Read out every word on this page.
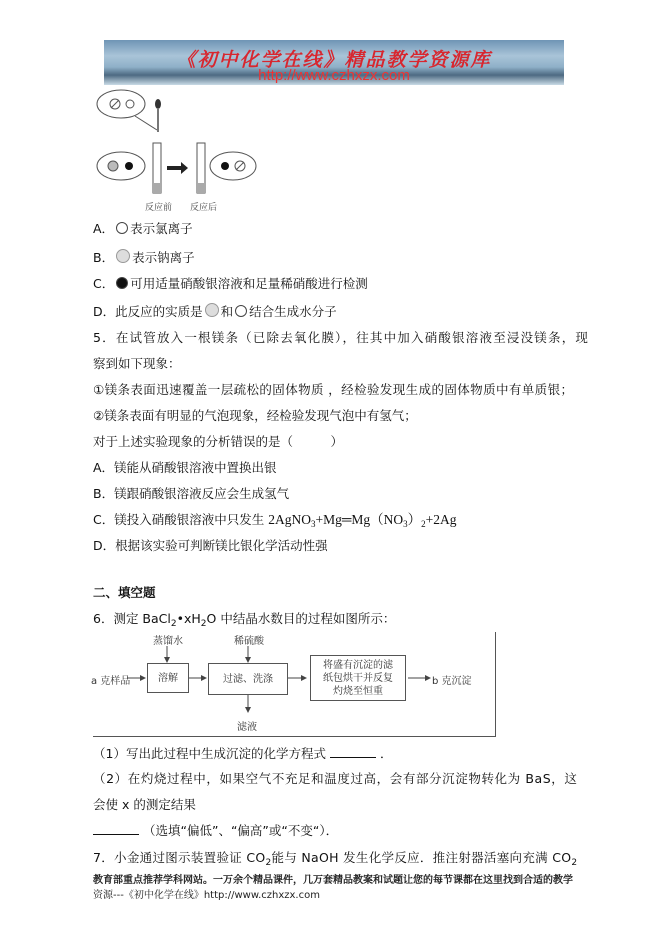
《初中化学在线》精品教学资源库
http://www.czhxzx.com
反应前 反应后
A． 表示氯离子
B． 表示钠离子
C． 可用适量硝酸银溶液和足量稀硝酸进行检测
D．此反应的实质是 和 结合生成水分子
5．在试管放入一根镁条（已除去氧化膜），往其中加入硝酸银溶液至浸没镁条，现
察到如下现象：
①镁条表面迅速覆盖一层疏松的固体物质 ，经检验发现生成的固体物质中有单质银；
②镁条表面有明显的气泡现象，经检验发现气泡中有氢气；
对于上述实验现象的分析错误的是（　　　）
A．镁能从硝酸银溶液中置换出银
B．镁跟硝酸银溶液反应会生成氢气
C．镁投入硝酸银溶液中只发生 $2AgNO_3+Mg═Mg(NO_3)_2+2Ag$
D．根据该实验可判断镁比银化学活动性强
二、填空题
6．测定 $BaCl_2•xH_2O$ 中结晶水数目的过程如图所示：
a 克样品
蒸馏水
溶解
稀硫酸
过滤、洗涤
滤液
将盛有沉淀的滤纸包烘干并反复灼烧至恒重
b 克沉淀
（1）写出此过程中生成沉淀的化学方程式	．
（2）在灼烧过程中，如果空气不充足和温度过高，会有部分沉淀物转化为 BaS，这
会使 x 的测定结果
（选填“偏低”、“偏高”或“不变“）．
7．小金通过图示装置验证 $CO_2$能与 NaOH 发生化学反应．推注射器活塞向充满 $CO_2$
教育部重点推荐学科网站。一万余个精品课件，几万套精品教案和试题让您的每节课都在这里找到合适的教学
资源---《初中化学在线》http://www.czhxzx.com
